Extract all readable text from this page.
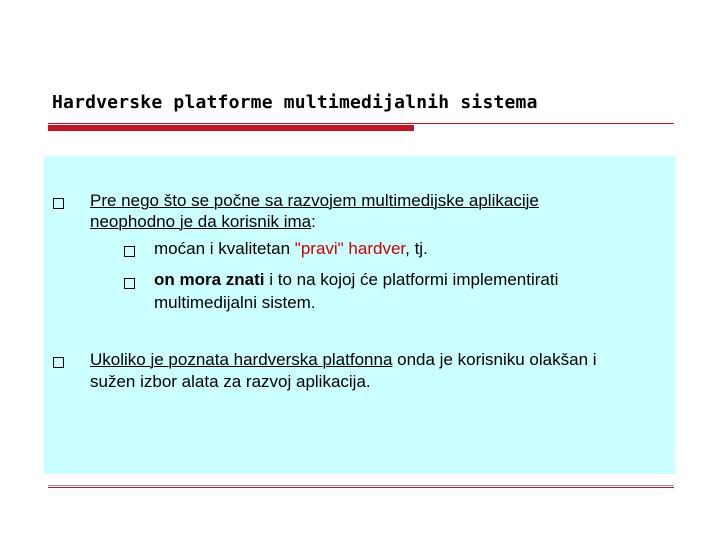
Hardverske platforme multimedijalnih sistema
Pre nego što se počne sa razvojem multimedijske aplikacije
neophodno je da korisnik ima:
moćan i kvalitetan "pravi" hardver, tj.
on mora znati i to na kojoj će platformi implementirati
multimedijalni sistem.
Ukoliko je poznata hardverska platfonna onda je korisniku olakšan i
sužen izbor alata za razvoj aplikacija.
